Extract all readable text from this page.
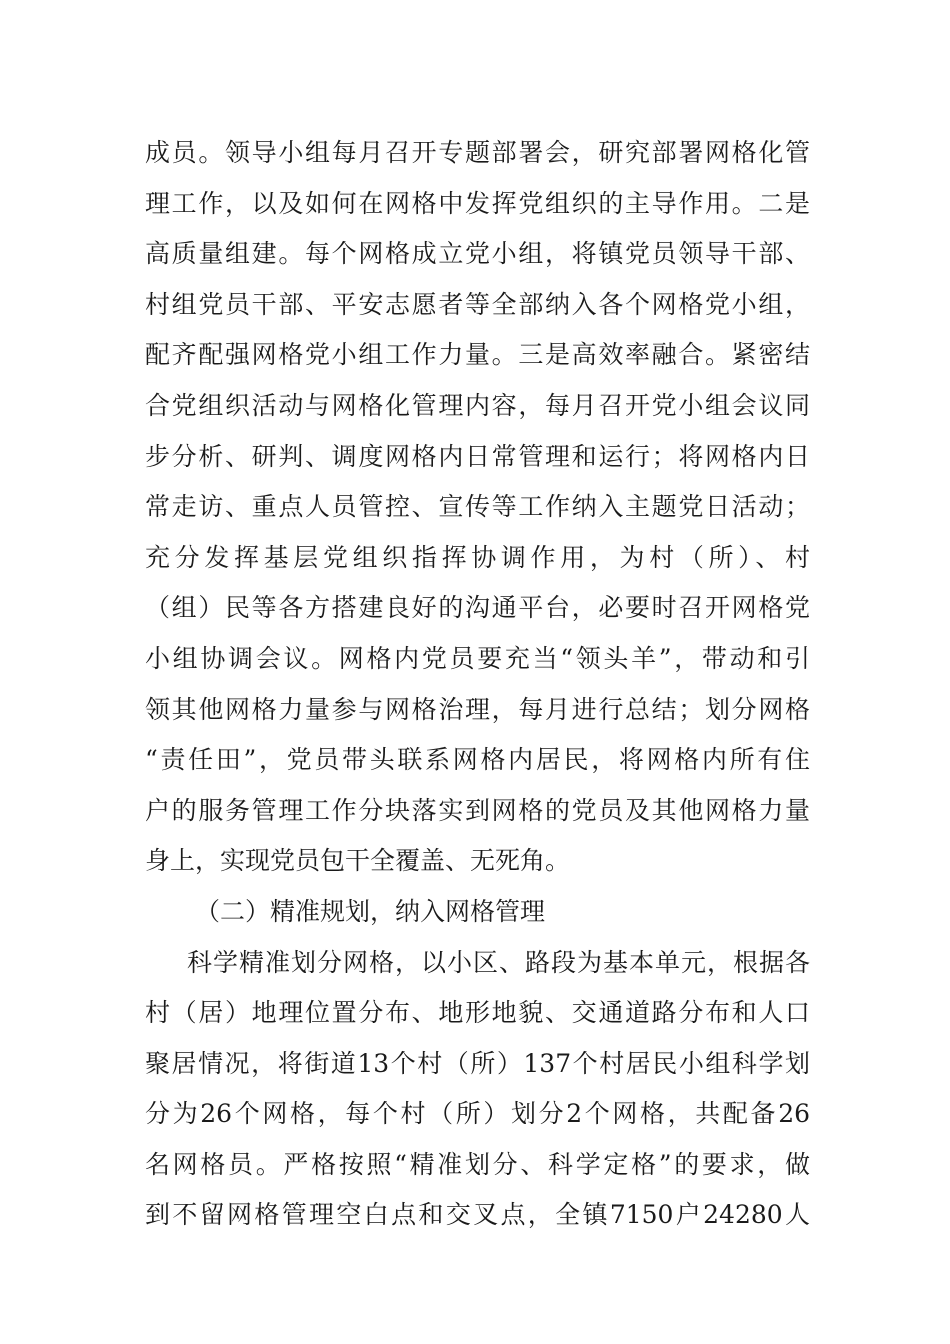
成员。领导小组每月召开专题部署会，研究部署网格化管
理工作，以及如何在网格中发挥党组织的主导作用。二是
高质量组建。每个网格成立党小组，将镇党员领导干部、
村组党员干部、平安志愿者等全部纳入各个网格党小组，
配齐配强网格党小组工作力量。三是高效率融合。紧密结
合党组织活动与网格化管理内容，每月召开党小组会议同
步分析、研判、调度网格内日常管理和运行；将网格内日
常走访、重点人员管控、宣传等工作纳入主题党日活动；
充分发挥基层党组织指挥协调作用，为村（所）、村
（组）民等各方搭建良好的沟通平台，必要时召开网格党
小组协调会议。网格内党员要充当“领头羊”，带动和引
领其他网格力量参与网格治理，每月进行总结；划分网格
“责任田”，党员带头联系网格内居民，将网格内所有住
户的服务管理工作分块落实到网格的党员及其他网格力量
身上，实现党员包干全覆盖、无死角。
（二）精准规划，纳入网格管理
科学精准划分网格，以小区、路段为基本单元，根据各
村（居）地理位置分布、地形地貌、交通道路分布和人口
聚居情况，将街道13个村（所）137个村居民小组科学划
分为26个网格，每个村（所）划分2个网格，共配备26
名网格员。严格按照“精准划分、科学定格”的要求，做
到不留网格管理空白点和交叉点，全镇7150户24280人
